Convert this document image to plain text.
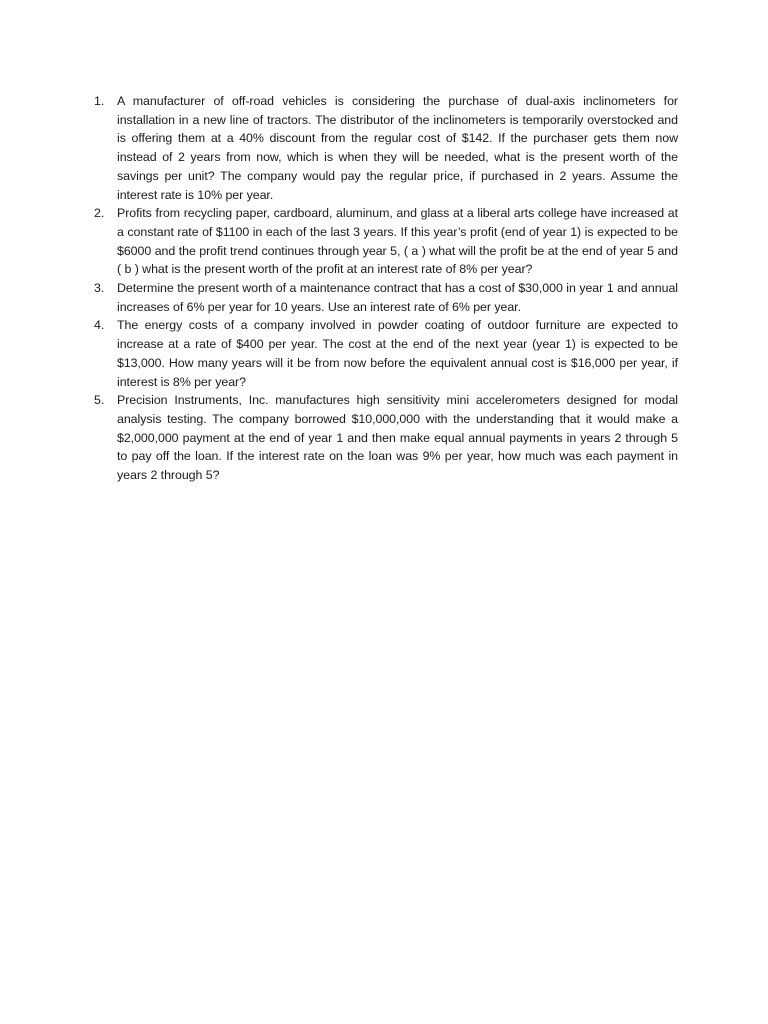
1.	A manufacturer of off-road vehicles is considering the purchase of dual-axis inclinometers for installation in a new line of tractors. The distributor of the inclinometers is temporarily overstocked and is offering them at a 40% discount from the regular cost of $142. If the purchaser gets them now instead of 2 years from now, which is when they will be needed, what is the present worth of the savings per unit? The company would pay the regular price, if purchased in 2 years. Assume the interest rate is 10% per year.
2.	Profits from recycling paper, cardboard, aluminum, and glass at a liberal arts college have increased at a constant rate of $1100 in each of the last 3 years. If this year’s profit (end of year 1) is expected to be $6000 and the profit trend continues through year 5, ( a ) what will the profit be at the end of year 5 and ( b ) what is the present worth of the profit at an interest rate of 8% per year?
3.	Determine the present worth of a maintenance contract that has a cost of $30,000 in year 1 and annual increases of 6% per year for 10 years. Use an interest rate of 6% per year.
4.	The energy costs of a company involved in powder coating of outdoor furniture are expected to increase at a rate of $400 per year. The cost at the end of the next year (year 1) is expected to be $13,000. How many years will it be from now before the equivalent annual cost is $16,000 per year, if interest is 8% per year?
5.	Precision Instruments, Inc. manufactures high sensitivity mini accelerometers designed for modal analysis testing. The company borrowed $10,000,000 with the understanding that it would make a $2,000,000 payment at the end of year 1 and then make equal annual payments in years 2 through 5 to pay off the loan. If the interest rate on the loan was 9% per year, how much was each payment in years 2 through 5?
